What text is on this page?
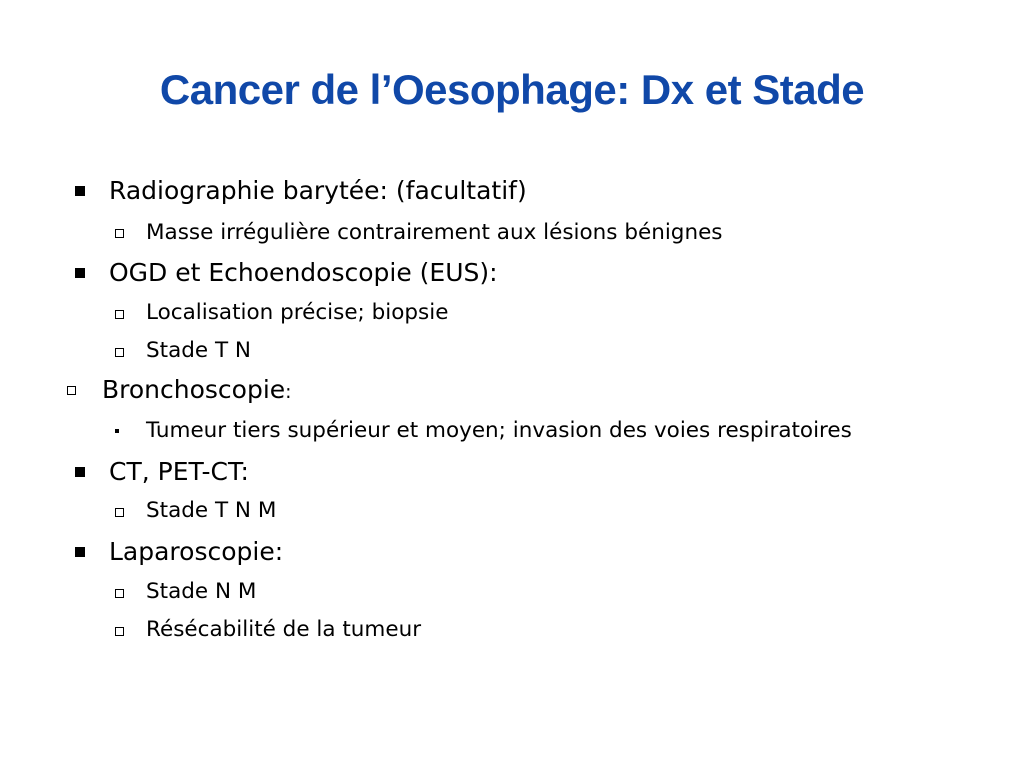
Cancer de l’Oesophage: Dx et Stade
Radiographie barytée: (facultatif)
Masse irrégulière contrairement aux lésions bénignes
OGD et Echoendoscopie (EUS):
Localisation précise; biopsie
Stade T N
Bronchoscopie:
Tumeur tiers supérieur et moyen; invasion des voies respiratoires
CT, PET-CT:
Stade T N M
Laparoscopie:
Stade N M
Résécabilité de la tumeur
